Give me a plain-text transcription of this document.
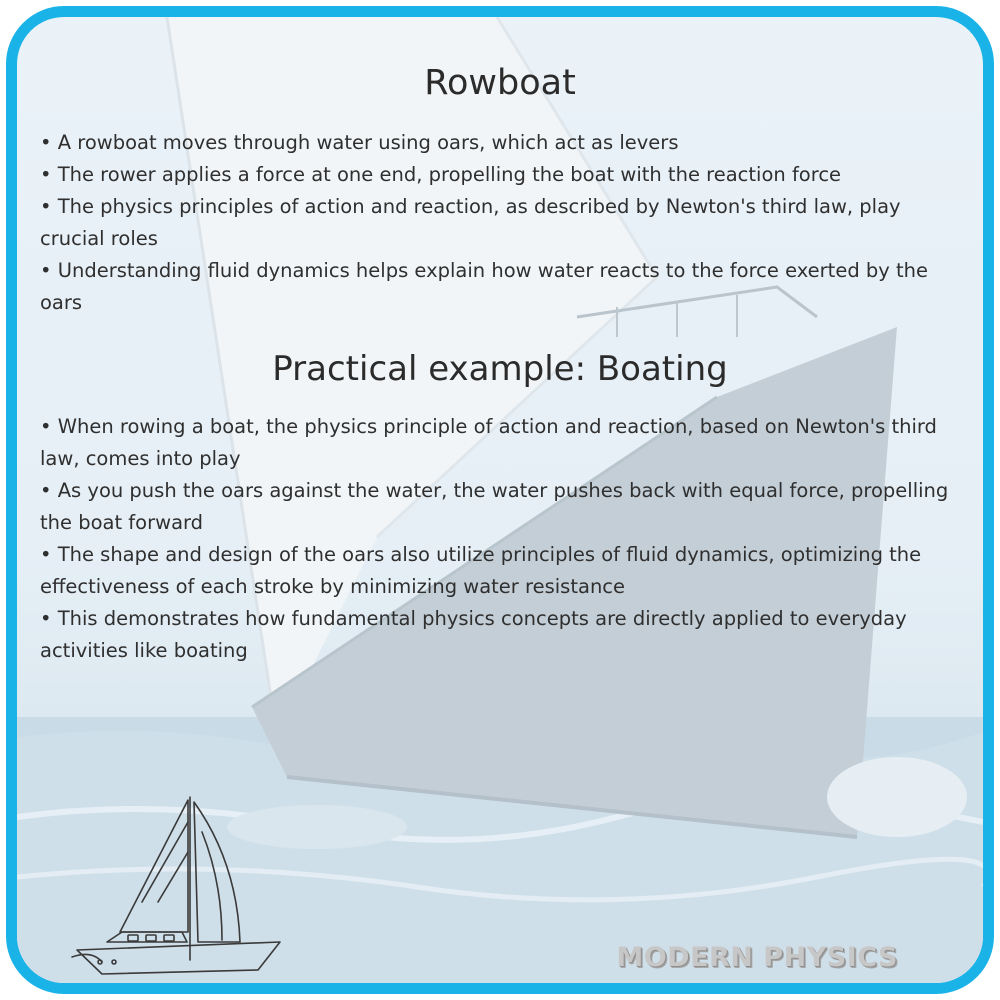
Rowboat
• A rowboat moves through water using oars, which act as levers
• The rower applies a force at one end, propelling the boat with the reaction force
• The physics principles of action and reaction, as described by Newton's third law, play crucial roles
• Understanding fluid dynamics helps explain how water reacts to the force exerted by the oars
Practical example: Boating
• When rowing a boat, the physics principle of action and reaction, based on Newton's third law, comes into play
• As you push the oars against the water, the water pushes back with equal force, propelling the boat forward
• The shape and design of the oars also utilize principles of fluid dynamics, optimizing the effectiveness of each stroke by minimizing water resistance
• This demonstrates how fundamental physics concepts are directly applied to everyday activities like boating
MODERN PHYSICS
